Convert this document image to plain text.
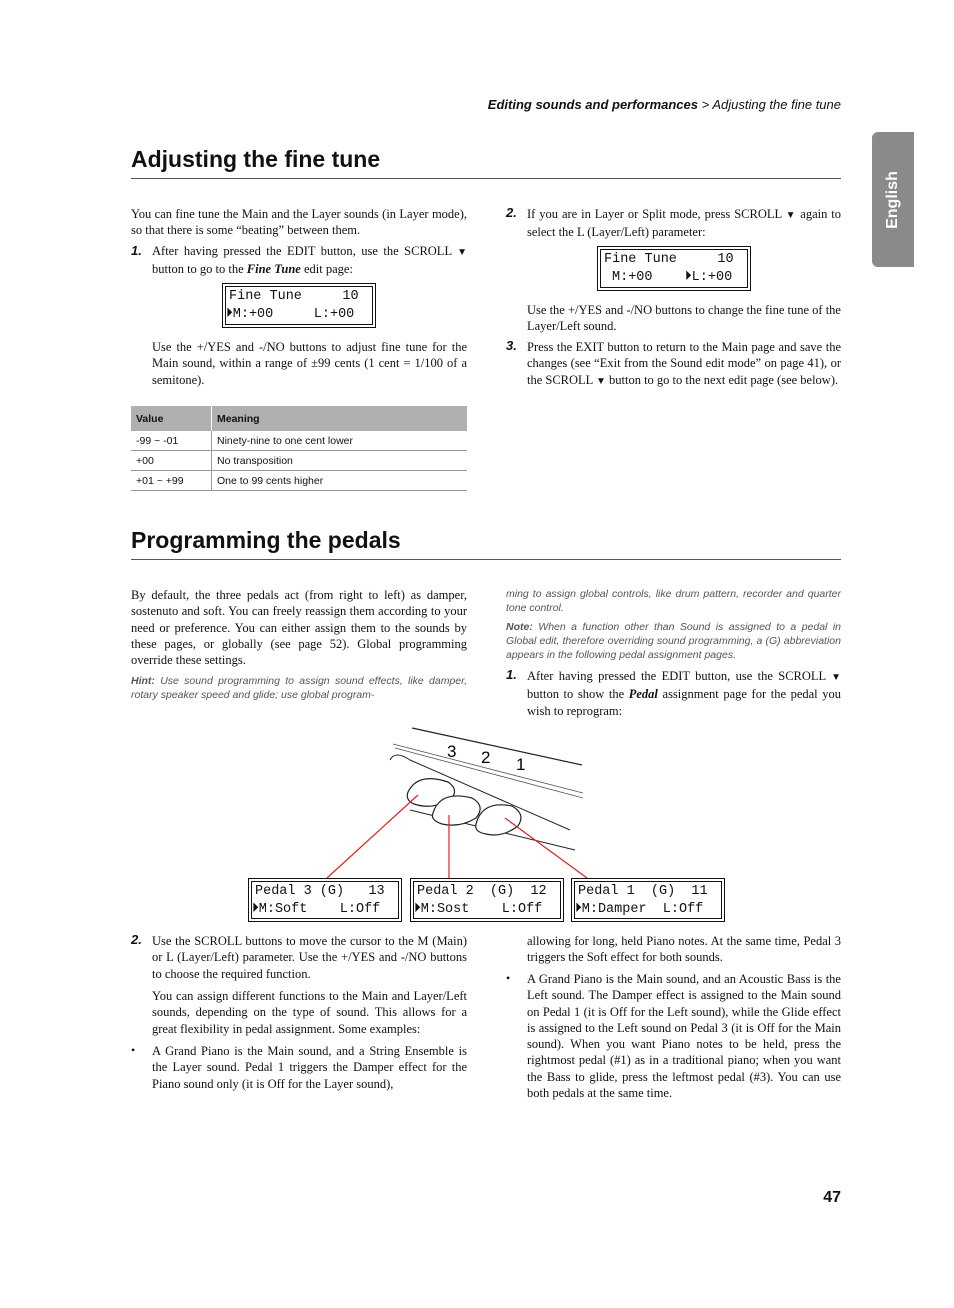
Editing sounds and performances > Adjusting the fine tune
English
Adjusting the fine tune
You can fine tune the Main and the Layer sounds (in Layer mode), so that there is some “beating” between them.
1. After having pressed the EDIT button, use the SCROLL ▼ button to go to the Fine Tune edit page:
Fine Tune     10
⏵M:+00     L:+00
Use the +/YES and -/NO buttons to adjust fine tune for the Main sound, within a range of ±99 cents (1 cent = 1/100 of a semitone).
Value	Meaning
-99 ~ -01	Ninety-nine to one cent lower
+00	No transposition
+01 ~ +99	One to 99 cents higher
2. If you are in Layer or Split mode, press SCROLL ▼ again to select the L (Layer/Left) parameter:
Fine Tune     10
M:+00    ⏵L:+00
Use the +/YES and -/NO buttons to change the fine tune of the Layer/Left sound.
3. Press the EXIT button to return to the Main page and save the changes (see “Exit from the Sound edit mode” on page 41), or the SCROLL ▼ button to go to the next edit page (see below).
Programming the pedals
By default, the three pedals act (from right to left) as damper, sostenuto and soft. You can freely reassign them according to your need or preference. You can either assign them to the sounds by these pages, or globally (see page 52). Global programming override these settings.
Hint: Use sound programming to assign sound effects, like damper, rotary speaker speed and glide; use global program-
ming to assign global controls, like drum pattern, recorder and quarter tone control.
Note: When a function other than Sound is assigned to a pedal in Global edit, therefore overriding sound programming, a (G) abbreviation appears in the following pedal assignment pages.
1. After having pressed the EDIT button, use the SCROLL ▼ button to show the Pedal assignment page for the pedal you wish to reprogram:
3 2 1
Pedal 3 (G)   13
⏵M:Soft    L:Off
Pedal 2  (G)  12
⏵M:Sost    L:Off
Pedal 1  (G)  11
⏵M:Damper  L:Off
2. Use the SCROLL buttons to move the cursor to the M (Main) or L (Layer/Left) parameter. Use the +/YES and -/NO buttons to choose the required function.
You can assign different functions to the Main and Layer/Left sounds, depending on the type of sound. This allows for a great flexibility in pedal assignment. Some examples:
• A Grand Piano is the Main sound, and a String Ensemble is the Layer sound. Pedal 1 triggers the Damper effect for the Piano sound only (it is Off for the Layer sound),
allowing for long, held Piano notes. At the same time, Pedal 3 triggers the Soft effect for both sounds.
• A Grand Piano is the Main sound, and an Acoustic Bass is the Left sound. The Damper effect is assigned to the Main sound on Pedal 1 (it is Off for the Left sound), while the Glide effect is assigned to the Left sound on Pedal 3 (it is Off for the Main sound). When you want Piano notes to be held, press the rightmost pedal (#1) as in a traditional piano; when you want the Bass to glide, press the leftmost pedal (#3). You can use both pedals at the same time.
47
